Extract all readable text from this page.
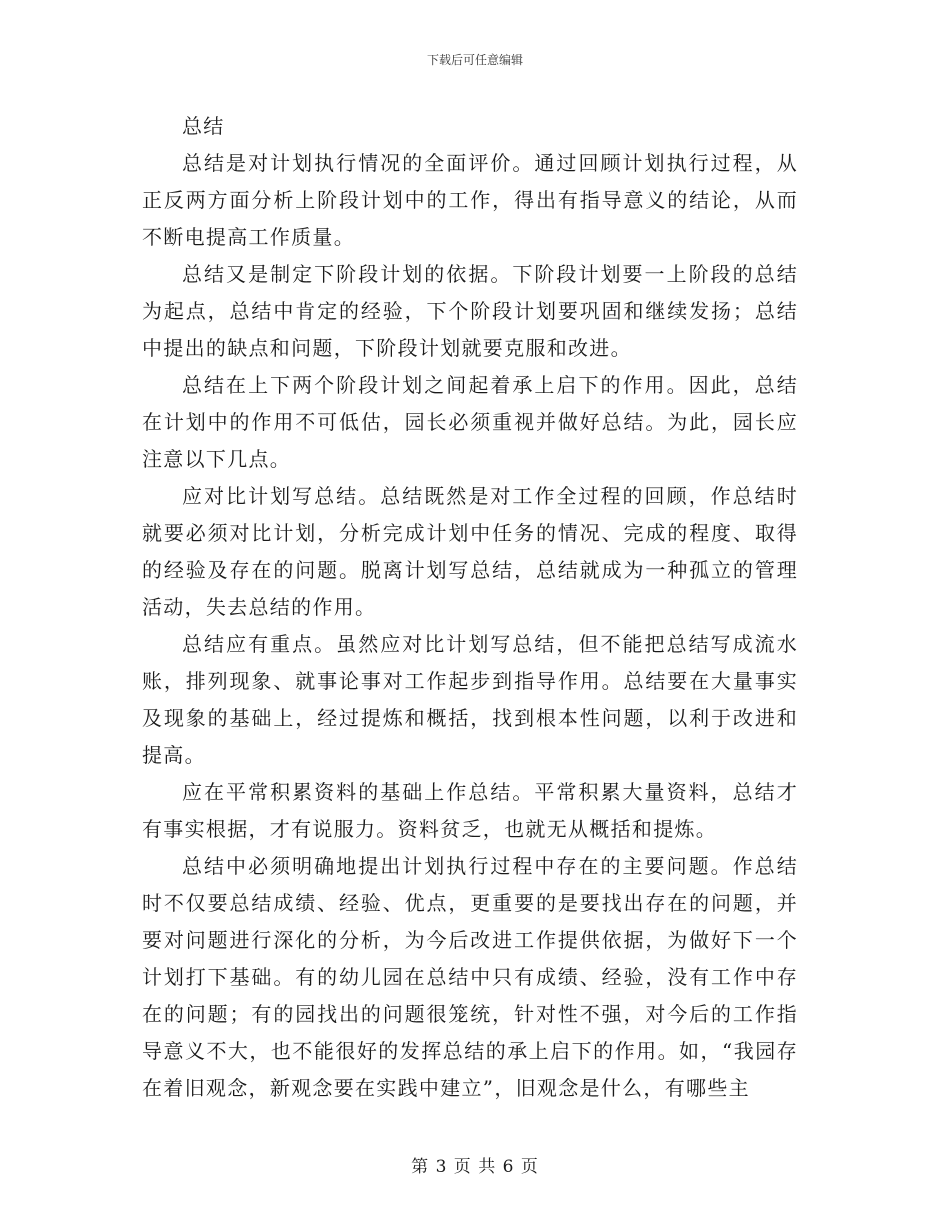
下载后可任意编辑

总结

总结是对计划执行情况的全面评价。通过回顾计划执行过程，从正反两方面分析上阶段计划中的工作，得出有指导意义的结论，从而不断电提高工作质量。

总结又是制定下阶段计划的依据。下阶段计划要一上阶段的总结为起点，总结中肯定的经验，下个阶段计划要巩固和继续发扬；总结中提出的缺点和问题，下阶段计划就要克服和改进。

总结在上下两个阶段计划之间起着承上启下的作用。因此，总结在计划中的作用不可低估，园长必须重视并做好总结。为此，园长应注意以下几点。

应对比计划写总结。总结既然是对工作全过程的回顾，作总结时就要必须对比计划，分析完成计划中任务的情况、完成的程度、取得的经验及存在的问题。脱离计划写总结，总结就成为一种孤立的管理活动，失去总结的作用。

总结应有重点。虽然应对比计划写总结，但不能把总结写成流水账，排列现象、就事论事对工作起步到指导作用。总结要在大量事实及现象的基础上，经过提炼和概括，找到根本性问题，以利于改进和提高。

应在平常积累资料的基础上作总结。平常积累大量资料，总结才有事实根据，才有说服力。资料贫乏，也就无从概括和提炼。

总结中必须明确地提出计划执行过程中存在的主要问题。作总结时不仅要总结成绩、经验、优点，更重要的是要找出存在的问题，并要对问题进行深化的分析，为今后改进工作提供依据，为做好下一个计划打下基础。有的幼儿园在总结中只有成绩、经验，没有工作中存在的问题；有的园找出的问题很笼统，针对性不强，对今后的工作指导意义不大，也不能很好的发挥总结的承上启下的作用。如，“我园存在着旧观念，新观念要在实践中建立”，旧观念是什么，有哪些主

第 3 页 共 6 页
